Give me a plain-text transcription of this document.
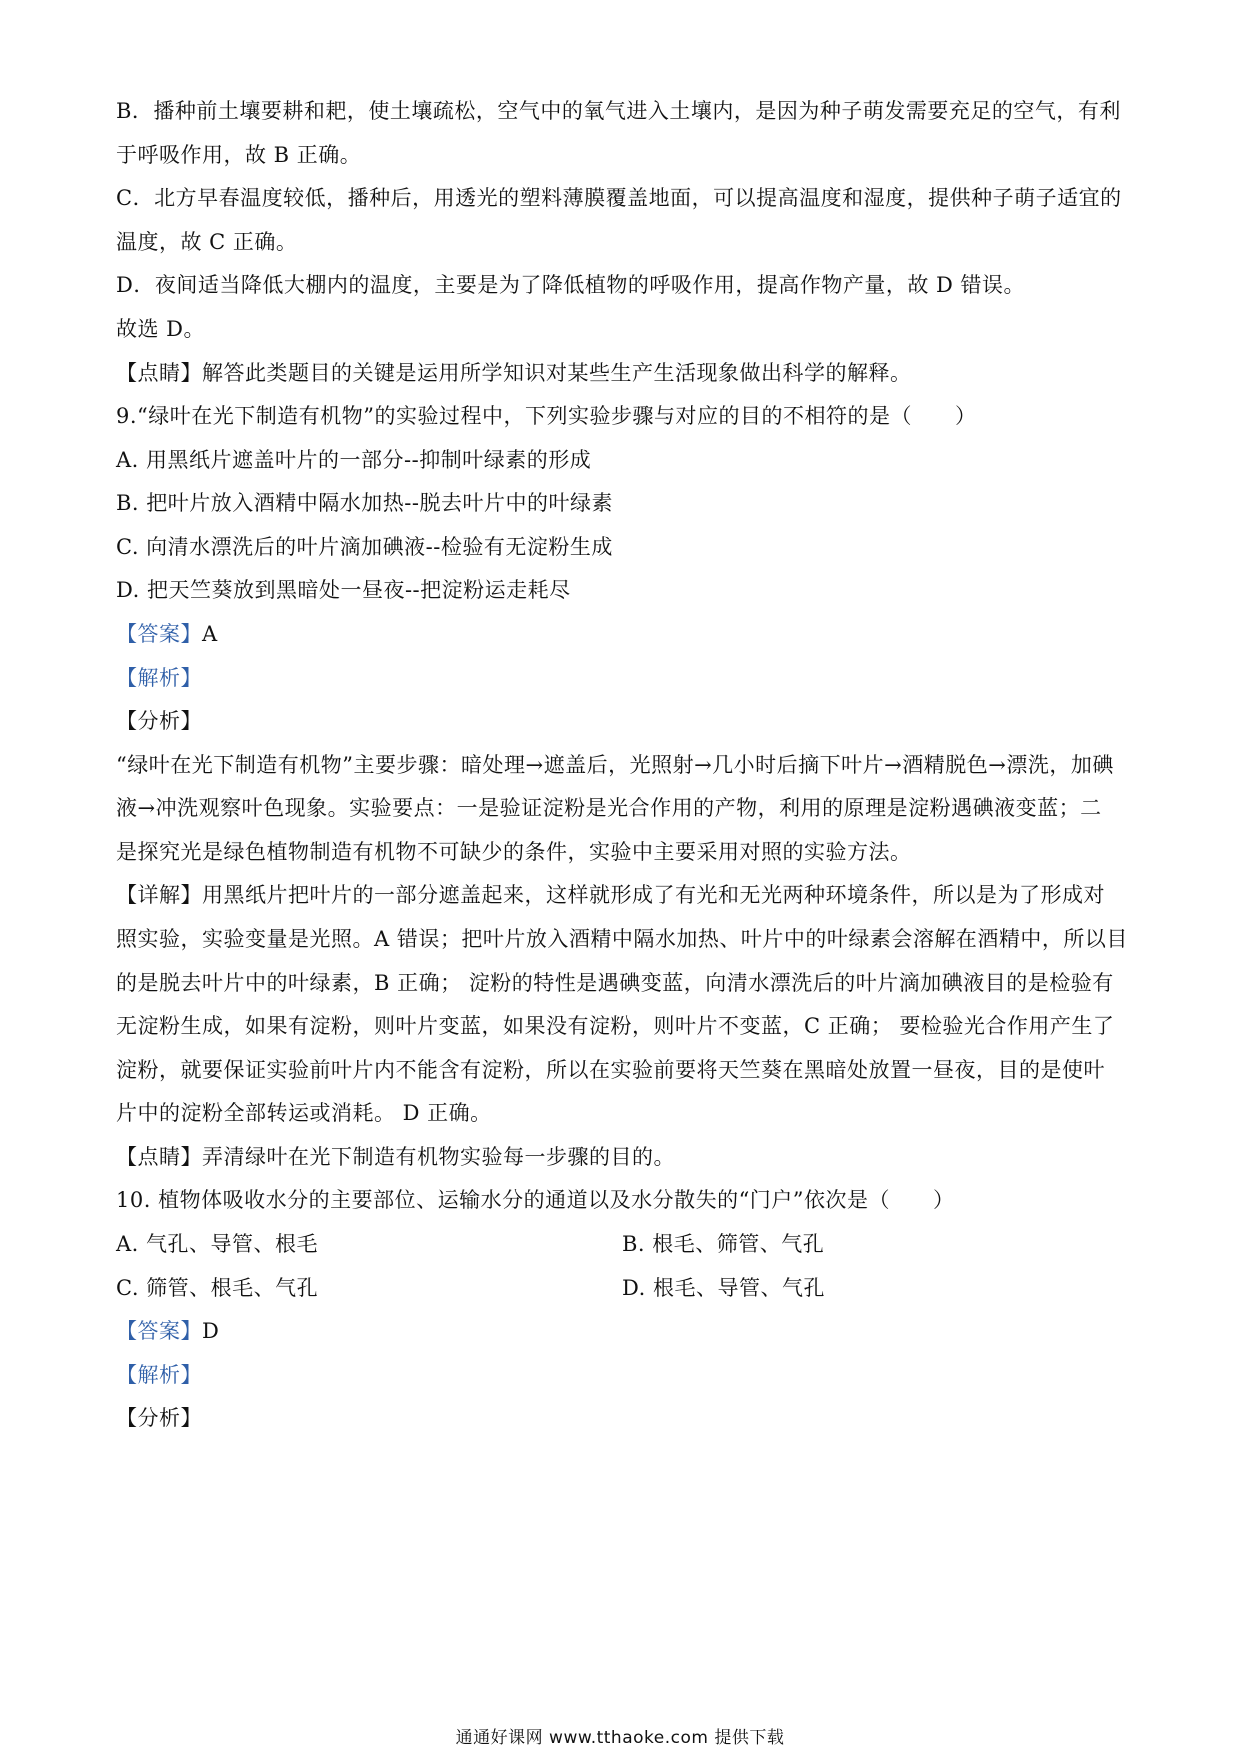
B．播种前土壤要耕和耙，使土壤疏松，空气中的氧气进入土壤内，是因为种子萌发需要充足的空气，有利
于呼吸作用，故 B 正确。
C．北方早春温度较低，播种后，用透光的塑料薄膜覆盖地面，可以提高温度和湿度，提供种子萌子适宜的
温度，故 C 正确。
D．夜间适当降低大棚内的温度，主要是为了降低植物的呼吸作用，提高作物产量，故 D 错误。
故选 D。
【点睛】解答此类题目的关键是运用所学知识对某些生产生活现象做出科学的解释。
9.“绿叶在光下制造有机物”的实验过程中，下列实验步骤与对应的目的不相符的是（　　）
A. 用黑纸片遮盖叶片的一部分--抑制叶绿素的形成
B. 把叶片放入酒精中隔水加热--脱去叶片中的叶绿素
C. 向清水漂洗后的叶片滴加碘液--检验有无淀粉生成
D. 把天竺葵放到黑暗处一昼夜--把淀粉运走耗尽
【答案】A
【解析】
【分析】
“绿叶在光下制造有机物”主要步骤：暗处理→遮盖后，光照射→几小时后摘下叶片→酒精脱色→漂洗，加碘
液→冲洗观察叶色现象。实验要点：一是验证淀粉是光合作用的产物，利用的原理是淀粉遇碘液变蓝；二
是探究光是绿色植物制造有机物不可缺少的条件，实验中主要采用对照的实验方法。
【详解】用黑纸片把叶片的一部分遮盖起来，这样就形成了有光和无光两种环境条件，所以是为了形成对
照实验，实验变量是光照。A 错误；把叶片放入酒精中隔水加热、叶片中的叶绿素会溶解在酒精中，所以目
的是脱去叶片中的叶绿素，B 正确； 淀粉的特性是遇碘变蓝，向清水漂洗后的叶片滴加碘液目的是检验有
无淀粉生成，如果有淀粉，则叶片变蓝，如果没有淀粉，则叶片不变蓝，C 正确； 要检验光合作用产生了
淀粉，就要保证实验前叶片内不能含有淀粉，所以在实验前要将天竺葵在黑暗处放置一昼夜，目的是使叶
片中的淀粉全部转运或消耗。 D 正确。
【点睛】弄清绿叶在光下制造有机物实验每一步骤的目的。
10. 植物体吸收水分的主要部位、运输水分的通道以及水分散失的“门户”依次是（　　）
A. 气孔、导管、根毛	B. 根毛、筛管、气孔
C. 筛管、根毛、气孔	D. 根毛、导管、气孔
【答案】D
【解析】
【分析】
通通好课网 www.tthaoke.com 提供下载
